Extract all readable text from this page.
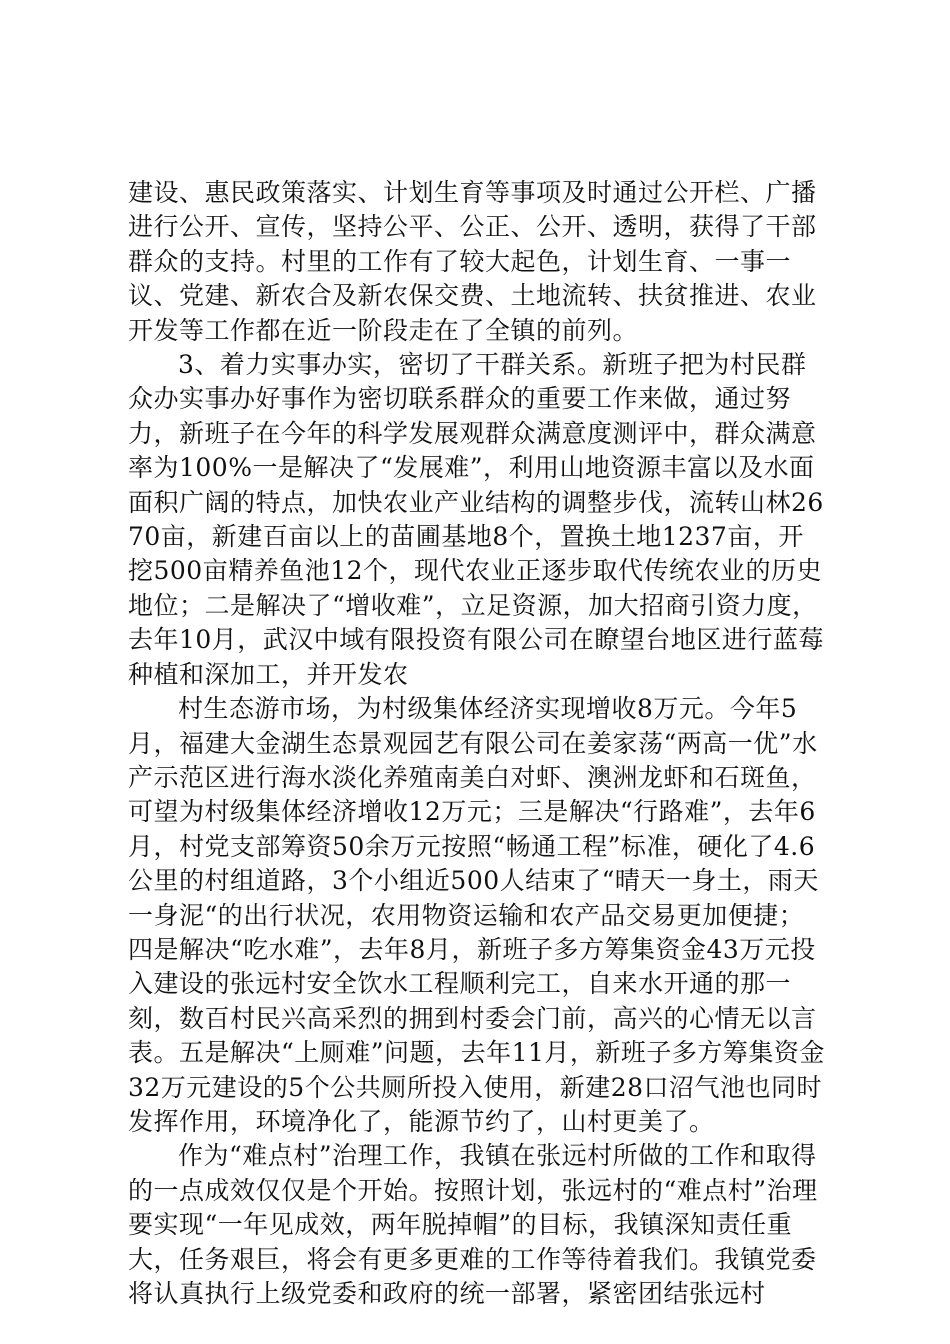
建设、惠民政策落实、计划生育等事项及时通过公开栏、广播进行公开、宣传，坚持公平、公正、公开、透明，获得了干部群众的支持。村里的工作有了较大起色，计划生育、一事一议、党建、新农合及新农保交费、土地流转、扶贫推进、农业开发等工作都在近一阶段走在了全镇的前列。

3、着力实事办实，密切了干群关系。新班子把为村民群众办实事办好事作为密切联系群众的重要工作来做，通过努力，新班子在今年的科学发展观群众满意度测评中，群众满意率为100%一是解决了“发展难”，利用山地资源丰富以及水面面积广阔的特点，加快农业产业结构的调整步伐，流转山林2670亩，新建百亩以上的苗圃基地8个，置换土地1237亩，开挖500亩精养鱼池12个，现代农业正逐步取代传统农业的历史地位；二是解决了“增收难”，立足资源，加大招商引资力度，去年10月，武汉中域有限投资有限公司在瞭望台地区进行蓝莓种植和深加工，并开发农

村生态游市场，为村级集体经济实现增收8万元。今年5月，福建大金湖生态景观园艺有限公司在姜家荡“两高一优”水产示范区进行海水淡化养殖南美白对虾、澳洲龙虾和石斑鱼，可望为村级集体经济增收12万元；三是解决“行路难”，去年6月，村党支部筹资50余万元按照“畅通工程”标准，硬化了4.6公里的村组道路，3个小组近500人结束了“晴天一身土，雨天一身泥“的出行状况，农用物资运输和农产品交易更加便捷；四是解决“吃水难”，去年8月，新班子多方筹集资金43万元投入建设的张远村安全饮水工程顺利完工，自来水开通的那一刻，数百村民兴高采烈的拥到村委会门前，高兴的心情无以言表。五是解决“上厕难”问题，去年11月，新班子多方筹集资金32万元建设的5个公共厕所投入使用，新建28口沼气池也同时发挥作用，环境净化了，能源节约了，山村更美了。

作为“难点村”治理工作，我镇在张远村所做的工作和取得的一点成效仅仅是个开始。按照计划，张远村的“难点村”治理要实现“一年见成效，两年脱掉帽”的目标，我镇深知责任重大，任务艰巨，将会有更多更难的工作等待着我们。我镇党委将认真执行上级党委和政府的统一部署，紧密团结张远村
